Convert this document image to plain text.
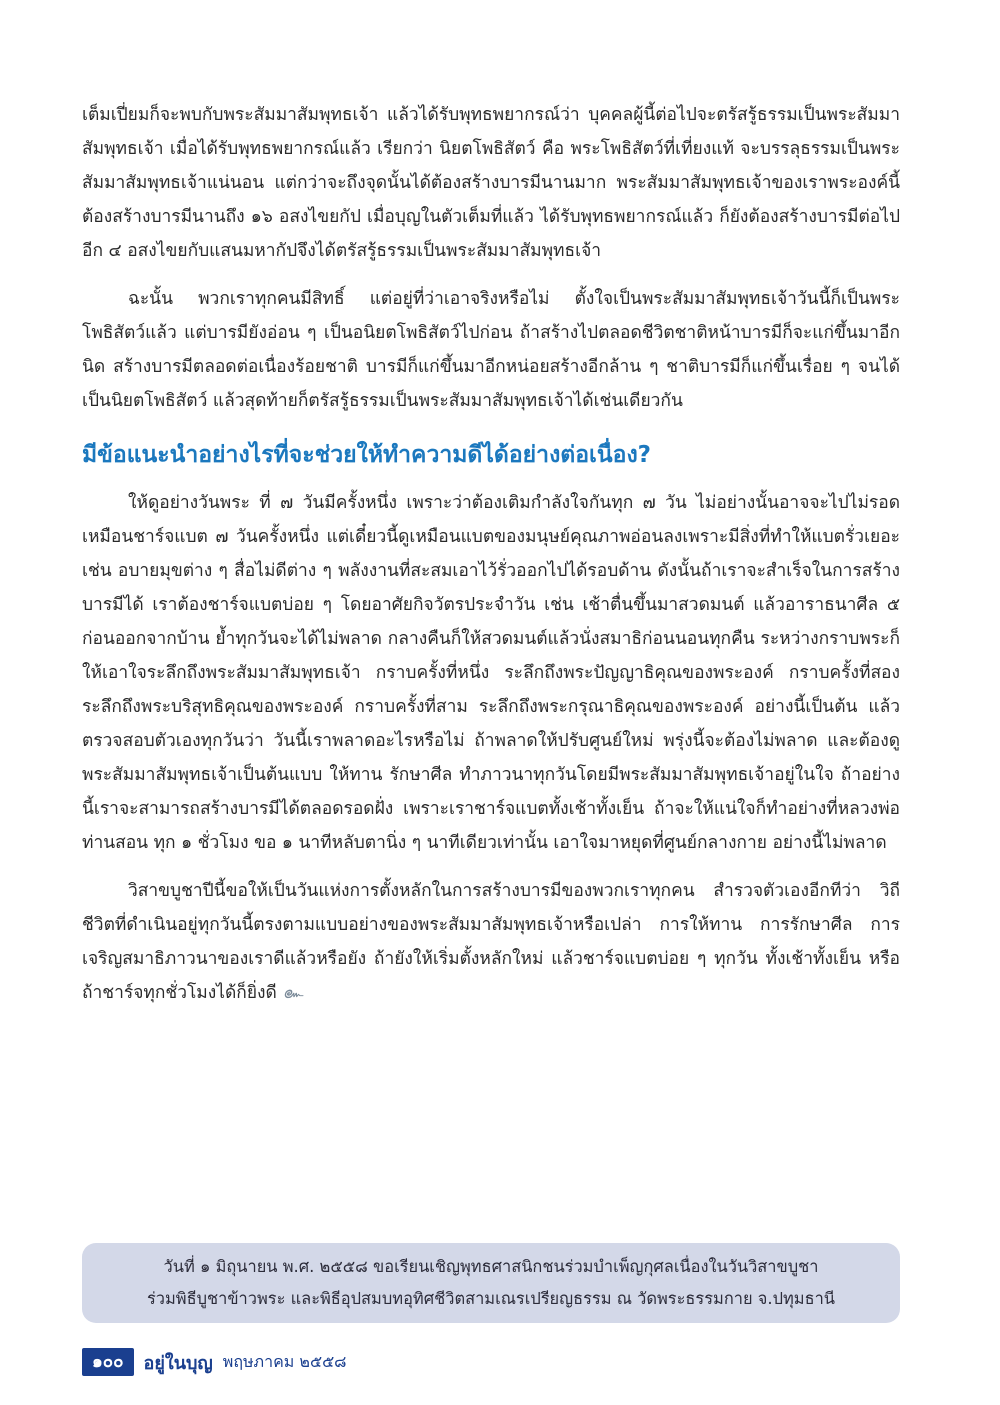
เต็มเปี่ยมก็จะพบกับพระสัมมาสัมพุทธเจ้า แล้วได้รับพุทธพยากรณ์ว่า บุคคลผู้นี้ต่อไปจะตรัสรู้ธรรมเป็นพระสัมมาสัมพุทธเจ้า เมื่อได้รับพุทธพยากรณ์แล้ว เรียกว่า นิยตโพธิสัตว์ คือ พระโพธิสัตว์ที่เที่ยงแท้ จะบรรลุธรรมเป็นพระสัมมาสัมพุทธเจ้าแน่นอน แต่กว่าจะถึงจุดนั้นได้ต้องสร้างบารมีนานมาก พระสัมมาสัมพุทธเจ้าของเราพระองค์นี้ต้องสร้างบารมีนานถึง ๑๖ อสงไขยกัป เมื่อบุญในตัวเต็มที่แล้ว ได้รับพุทธพยากรณ์แล้ว ก็ยังต้องสร้างบารมีต่อไปอีก ๔ อสงไขยกับแสนมหากัปจึงได้ตรัสรู้ธรรมเป็นพระสัมมาสัมพุทธเจ้า

ฉะนั้น พวกเราทุกคนมีสิทธิ์ แต่อยู่ที่ว่าเอาจริงหรือไม่ ตั้งใจเป็นพระสัมมาสัมพุทธเจ้าวันนี้ก็เป็นพระโพธิสัตว์แล้ว แต่บารมียังอ่อน ๆ เป็นอนิยตโพธิสัตว์ไปก่อน ถ้าสร้างไปตลอดชีวิตชาติหน้าบารมีก็จะแก่ขึ้นมาอีกนิด สร้างบารมีตลอดต่อเนื่องร้อยชาติ บารมีก็แก่ขึ้นมาอีกหน่อยสร้างอีกล้าน ๆ ชาติบารมีก็แก่ขึ้นเรื่อย ๆ จนได้เป็นนิยตโพธิสัตว์ แล้วสุดท้ายก็ตรัสรู้ธรรมเป็นพระสัมมาสัมพุทธเจ้าได้เช่นเดียวกัน

มีข้อแนะนำอย่างไรที่จะช่วยให้ทำความดีได้อย่างต่อเนื่อง?

ให้ดูอย่างวันพระ ที่ ๗ วันมีครั้งหนึ่ง เพราะว่าต้องเติมกำลังใจกันทุก ๗ วัน ไม่อย่างนั้นอาจจะไปไม่รอด เหมือนชาร์จแบต ๗ วันครั้งหนึ่ง แต่เดี๋ยวนี้ดูเหมือนแบตของมนุษย์คุณภาพอ่อนลงเพราะมีสิ่งที่ทำให้แบตรั่วเยอะ เช่น อบายมุขต่าง ๆ สื่อไม่ดีต่าง ๆ พลังงานที่สะสมเอาไว้รั่วออกไปได้รอบด้าน ดังนั้นถ้าเราจะสำเร็จในการสร้างบารมีได้ เราต้องชาร์จแบตบ่อย ๆ โดยอาศัยกิจวัตรประจำวัน เช่น เช้าตื่นขึ้นมาสวดมนต์ แล้วอาราธนาศีล ๕ ก่อนออกจากบ้าน ย้ำทุกวันจะได้ไม่พลาด กลางคืนก็ให้สวดมนต์แล้วนั่งสมาธิก่อนนอนทุกคืน ระหว่างกราบพระก็ให้เอาใจระลึกถึงพระสัมมาสัมพุทธเจ้า กราบครั้งที่หนึ่ง ระลึกถึงพระปัญญาธิคุณของพระองค์ กราบครั้งที่สองระลึกถึงพระบริสุทธิคุณของพระองค์ กราบครั้งที่สาม ระลึกถึงพระกรุณาธิคุณของพระองค์ อย่างนี้เป็นต้น แล้วตรวจสอบตัวเองทุกวันว่า วันนี้เราพลาดอะไรหรือไม่ ถ้าพลาดให้ปรับศูนย์ใหม่ พรุ่งนี้จะต้องไม่พลาด และต้องดูพระสัมมาสัมพุทธเจ้าเป็นต้นแบบ ให้ทาน รักษาศีล ทำภาวนาทุกวันโดยมีพระสัมมาสัมพุทธเจ้าอยู่ในใจ ถ้าอย่างนี้เราจะสามารถสร้างบารมีได้ตลอดรอดฝั่ง เพราะเราชาร์จแบตทั้งเช้าทั้งเย็น ถ้าจะให้แน่ใจก็ทำอย่างที่หลวงพ่อท่านสอน ทุก ๑ ชั่วโมง ขอ ๑ นาทีหลับตานิ่ง ๆ นาทีเดียวเท่านั้น เอาใจมาหยุดที่ศูนย์กลางกาย อย่างนี้ไม่พลาด

วิสาขบูชาปีนี้ขอให้เป็นวันแห่งการตั้งหลักในการสร้างบารมีของพวกเราทุกคน สำรวจตัวเองอีกทีว่า วิถีชีวิตที่ดำเนินอยู่ทุกวันนี้ตรงตามแบบอย่างของพระสัมมาสัมพุทธเจ้าหรือเปล่า การให้ทาน การรักษาศีล การเจริญสมาธิภาวนาของเราดีแล้วหรือยัง ถ้ายังให้เริ่มตั้งหลักใหม่ แล้วชาร์จแบตบ่อย ๆ ทุกวัน ทั้งเช้าทั้งเย็น หรือถ้าชาร์จทุกชั่วโมงได้ก็ยิ่งดี ๛

วันที่ ๑ มิถุนายน พ.ศ. ๒๕๕๘ ขอเรียนเชิญพุทธศาสนิกชนร่วมบำเพ็ญกุศลเนื่องในวันวิสาขบูชา
ร่วมพิธีบูชาข้าวพระ และพิธีอุปสมบทอุทิศชีวิตสามเณรเปรียญธรรม ณ วัดพระธรรมกาย จ.ปทุมธานี
๑๐๐	อยู่ในบุญ พฤษภาคม ๒๕๕๘
